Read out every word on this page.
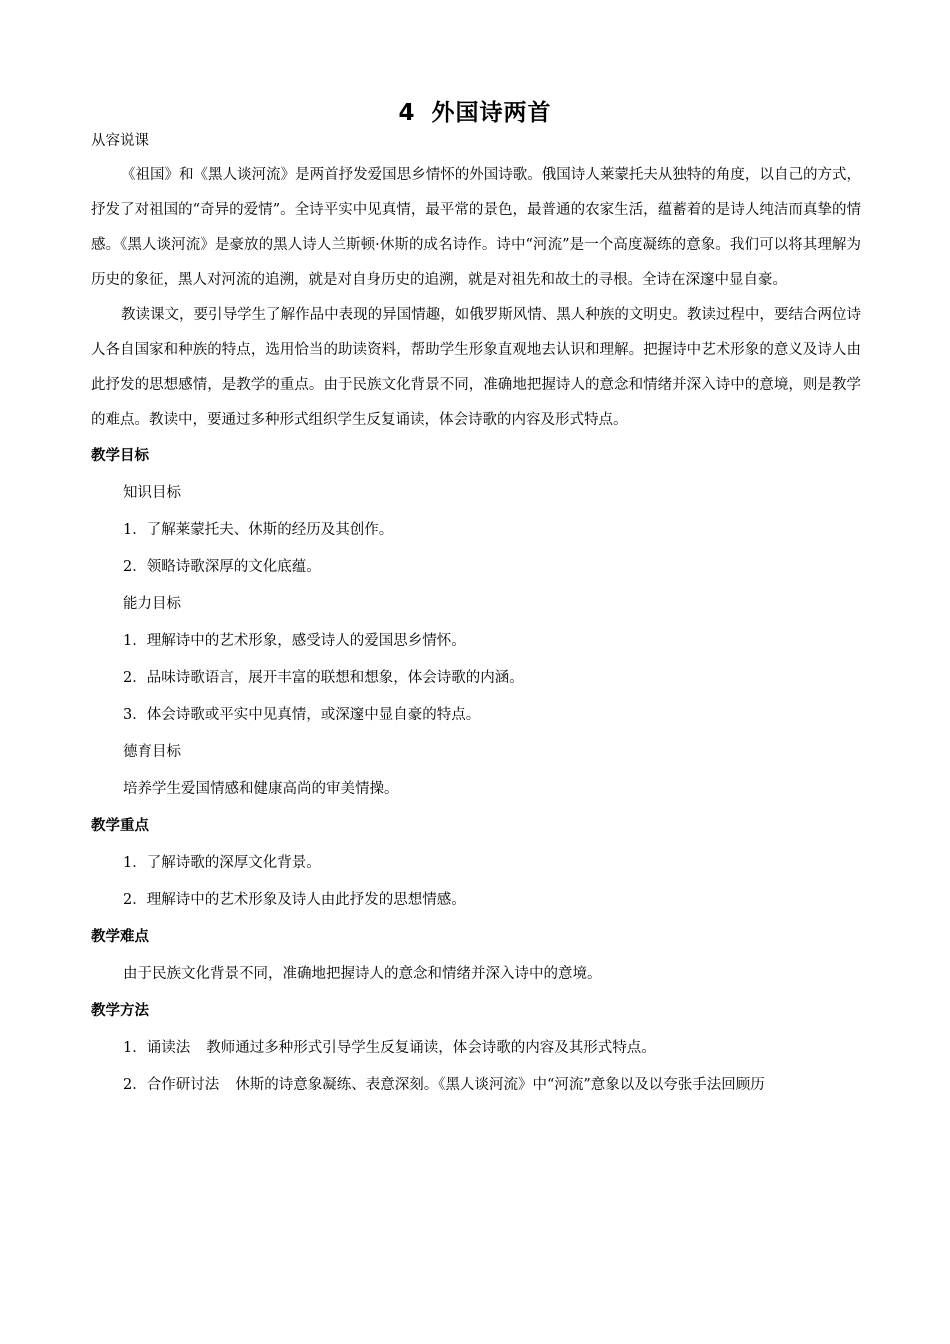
4 外国诗两首
从容说课

《祖国》和《黑人谈河流》是两首抒发爱国思乡情怀的外国诗歌。俄国诗人莱蒙托夫从独特的角度，以自己的方式，抒发了对祖国的“奇异的爱情”。全诗平实中见真情，最平常的景色，最普通的农家生活，蕴蓄着的是诗人纯洁而真挚的情感。《黑人谈河流》是豪放的黑人诗人兰斯顿·休斯的成名诗作。诗中“河流”是一个高度凝练的意象。我们可以将其理解为历史的象征，黑人对河流的追溯，就是对自身历史的追溯，就是对祖先和故土的寻根。全诗在深邃中显自豪。

教读课文，要引导学生了解作品中表现的异国情趣，如俄罗斯风情、黑人种族的文明史。教读过程中，要结合两位诗人各自国家和种族的特点，选用恰当的助读资料，帮助学生形象直观地去认识和理解。把握诗中艺术形象的意义及诗人由此抒发的思想感情，是教学的重点。由于民族文化背景不同，准确地把握诗人的意念和情绪并深入诗中的意境，则是教学的难点。教读中，要通过多种形式组织学生反复诵读，体会诗歌的内容及形式特点。

教学目标
知识目标
1．了解莱蒙托夫、休斯的经历及其创作。
2．领略诗歌深厚的文化底蕴。
能力目标
1．理解诗中的艺术形象，感受诗人的爱国思乡情怀。
2．品味诗歌语言，展开丰富的联想和想象，体会诗歌的内涵。
3．体会诗歌或平实中见真情，或深邃中显自豪的特点。
德育目标
培养学生爱国情感和健康高尚的审美情操。
教学重点
1．了解诗歌的深厚文化背景。
2．理解诗中的艺术形象及诗人由此抒发的思想情感。
教学难点
由于民族文化背景不同，准确地把握诗人的意念和情绪并深入诗中的意境。
教学方法
1．诵读法 教师通过多种形式引导学生反复诵读，体会诗歌的内容及其形式特点。
2．合作研讨法 休斯的诗意象凝练、表意深刻。《黑人谈河流》中“河流”意象以及以夸张手法回顾历
